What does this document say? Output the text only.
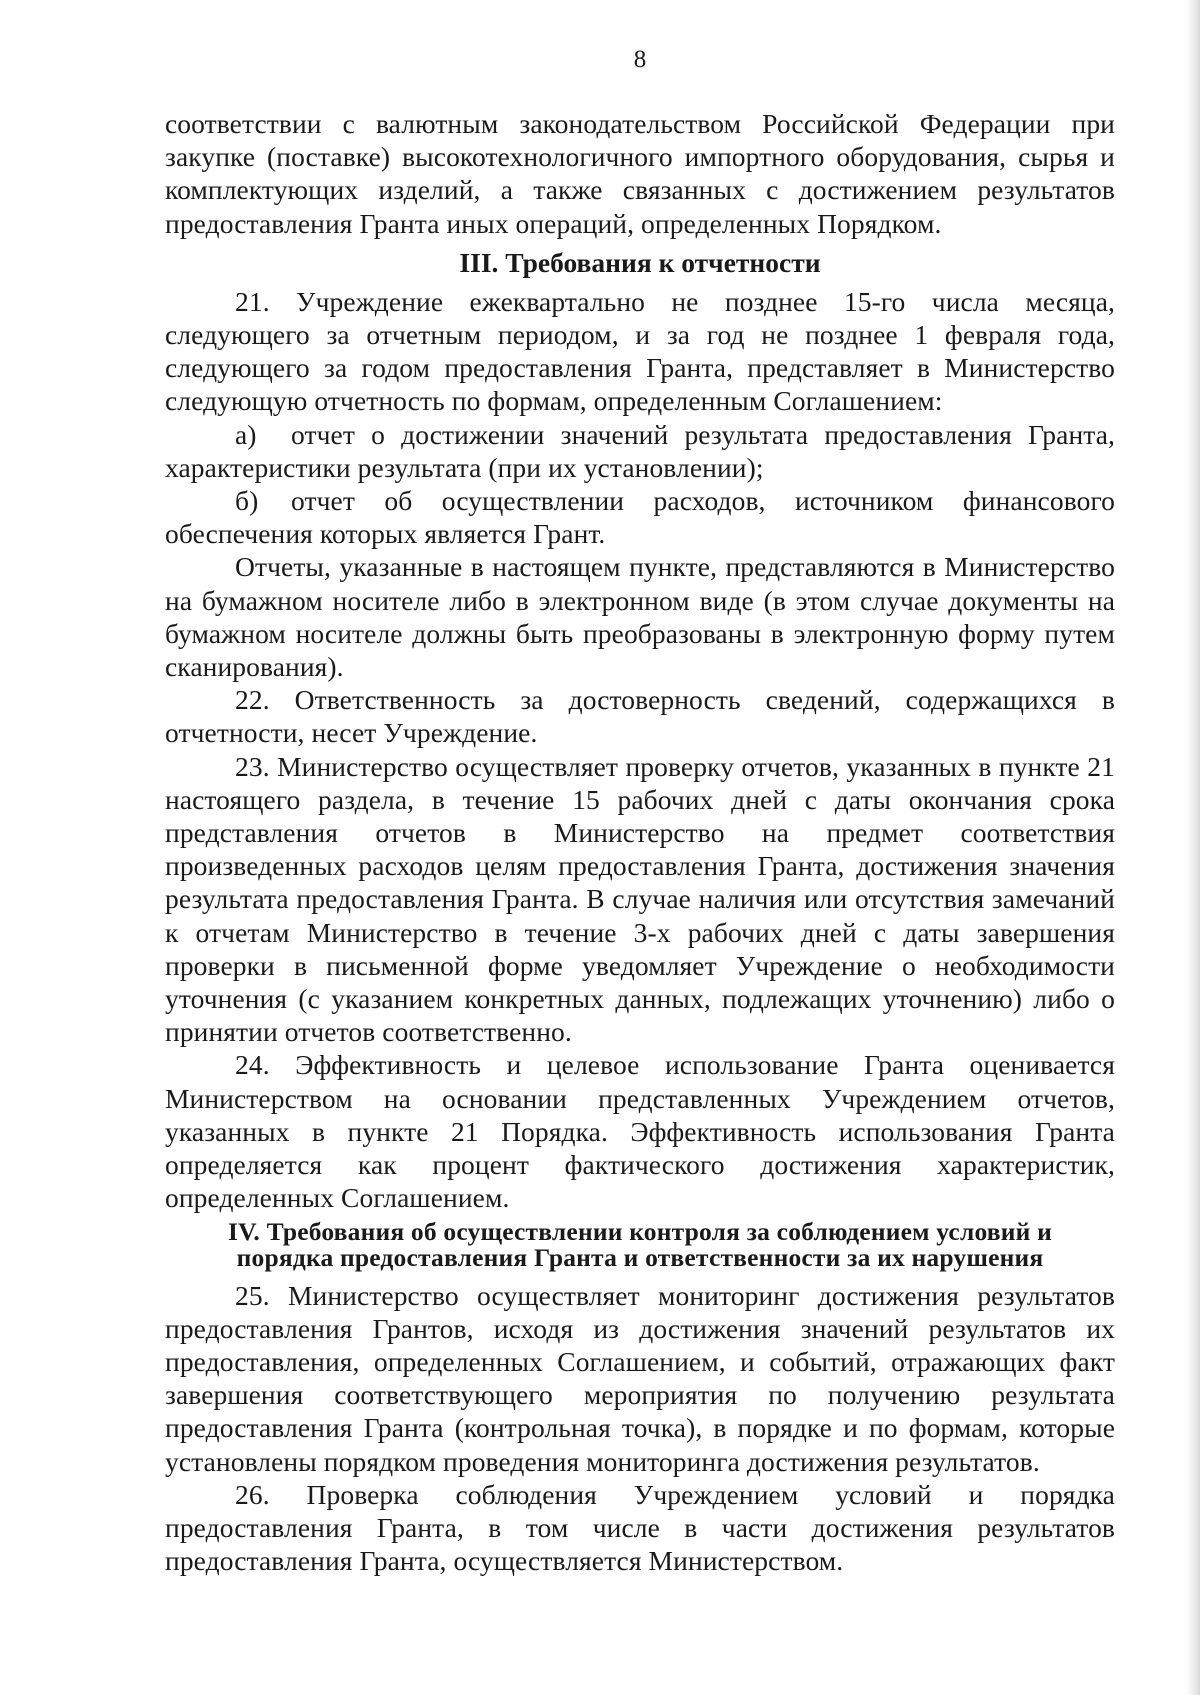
8

соответствии с валютным законодательством Российской Федерации при закупке (поставке) высокотехнологичного импортного оборудования, сырья и комплектующих изделий, а также связанных с достижением результатов предоставления Гранта иных операций, определенных Порядком.

III. Требования к отчетности

21. Учреждение ежеквартально не позднее 15-го числа месяца, следующего за отчетным периодом, и за год не позднее 1 февраля года, следующего за годом предоставления Гранта, представляет в Министерство следующую отчетность по формам, определенным Соглашением:

а) отчет о достижении значений результата предоставления Гранта, характеристики результата (при их установлении);

б) отчет об осуществлении расходов, источником финансового обеспечения которых является Грант.

Отчеты, указанные в настоящем пункте, представляются в Министерство на бумажном носителе либо в электронном виде (в этом случае документы на бумажном носителе должны быть преобразованы в электронную форму путем сканирования).

22. Ответственность за достоверность сведений, содержащихся в отчетности, несет Учреждение.

23. Министерство осуществляет проверку отчетов, указанных в пункте 21 настоящего раздела, в течение 15 рабочих дней с даты окончания срока представления отчетов в Министерство на предмет соответствия произведенных расходов целям предоставления Гранта, достижения значения результата предоставления Гранта. В случае наличия или отсутствия замечаний к отчетам Министерство в течение 3-х рабочих дней с даты завершения проверки в письменной форме уведомляет Учреждение о необходимости уточнения (с указанием конкретных данных, подлежащих уточнению) либо о принятии отчетов соответственно.

24. Эффективность и целевое использование Гранта оценивается Министерством на основании представленных Учреждением отчетов, указанных в пункте 21 Порядка. Эффективность использования Гранта определяется как процент фактического достижения характеристик, определенных Соглашением.

IV. Требования об осуществлении контроля за соблюдением условий и
порядка предоставления Гранта и ответственности за их нарушения

25. Министерство осуществляет мониторинг достижения результатов предоставления Грантов, исходя из достижения значений результатов их предоставления, определенных Соглашением, и событий, отражающих факт завершения соответствующего мероприятия по получению результата предоставления Гранта (контрольная точка), в порядке и по формам, которые установлены порядком проведения мониторинга достижения результатов.

26. Проверка соблюдения Учреждением условий и порядка предоставления Гранта, в том числе в части достижения результатов предоставления Гранта, осуществляется Министерством.
